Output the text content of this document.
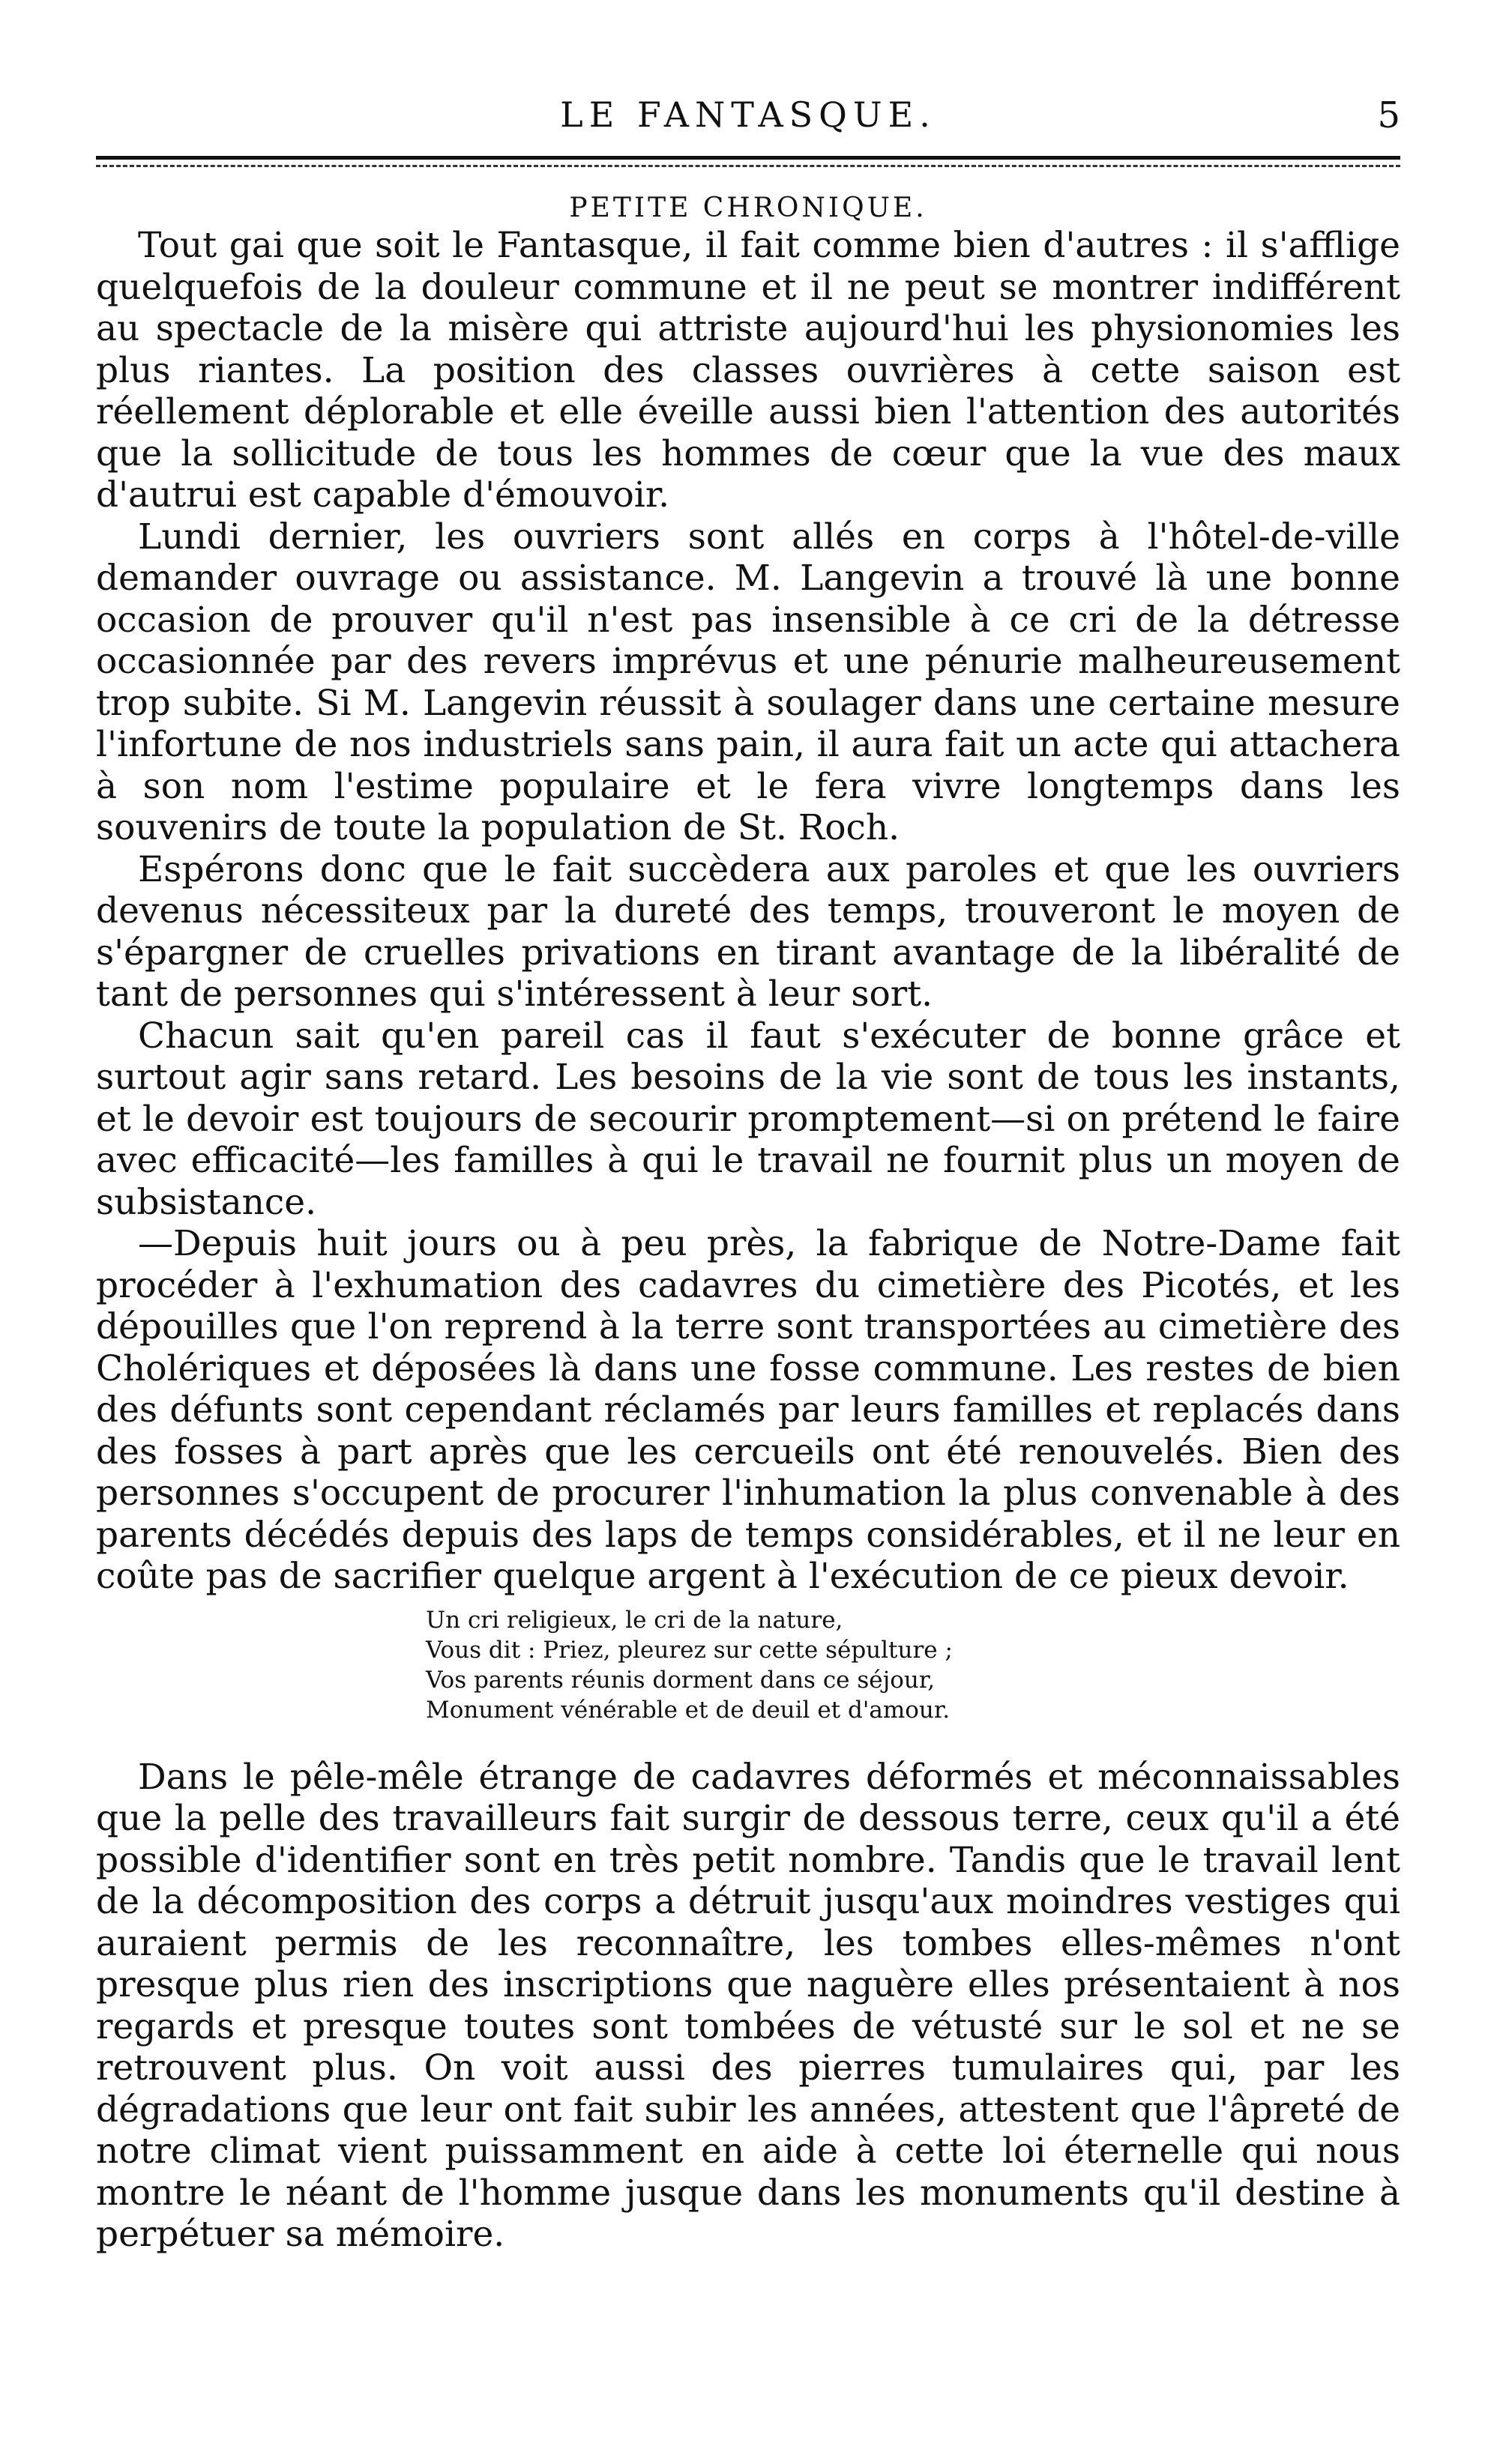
LE FANTASQUE.	5
PETITE CHRONIQUE.

Tout gai que soit le Fantasque, il fait comme bien d'autres : il s'afflige quelquefois de la douleur commune et il ne peut se montrer indifférent au spectacle de la misère qui attriste aujourd'hui les physionomies les plus riantes. La position des classes ouvrières à cette saison est réellement déplorable et elle éveille aussi bien l'attention des autorités que la sollicitude de tous les hommes de cœur que la vue des maux d'autrui est capable d'émouvoir.

Lundi dernier, les ouvriers sont allés en corps à l'hôtel-de-ville demander ouvrage ou assistance. M. Langevin a trouvé là une bonne occasion de prouver qu'il n'est pas insensible à ce cri de la détresse occasionnée par des revers imprévus et une pénurie malheureusement trop subite. Si M. Langevin réussit à soulager dans une certaine mesure l'infortune de nos industriels sans pain, il aura fait un acte qui attachera à son nom l'estime populaire et le fera vivre longtemps dans les souvenirs de toute la population de St. Roch.

Espérons donc que le fait succèdera aux paroles et que les ouvriers devenus nécessiteux par la dureté des temps, trouveront le moyen de s'épargner de cruelles privations en tirant avantage de la libéralité de tant de personnes qui s'intéressent à leur sort.

Chacun sait qu'en pareil cas il faut s'exécuter de bonne grâce et surtout agir sans retard. Les besoins de la vie sont de tous les instants, et le devoir est toujours de secourir promptement—si on prétend le faire avec efficacité—les familles à qui le travail ne fournit plus un moyen de subsistance.

—Depuis huit jours ou à peu près, la fabrique de Notre-Dame fait procéder à l'exhumation des cadavres du cimetière des Picotés, et les dépouilles que l'on reprend à la terre sont transportées au cimetière des Cholériques et déposées là dans une fosse commune. Les restes de bien des défunts sont cependant réclamés par leurs familles et replacés dans des fosses à part après que les cercueils ont été renouvelés. Bien des personnes s'occupent de procurer l'inhumation la plus convenable à des parents décédés depuis des laps de temps considérables, et il ne leur en coûte pas de sacrifier quelque argent à l'exécution de ce pieux devoir.

Un cri religieux, le cri de la nature,
Vous dit : Priez, pleurez sur cette sépulture ;
Vos parents réunis dorment dans ce séjour,
Monument vénérable et de deuil et d'amour.

Dans le pêle-mêle étrange de cadavres déformés et méconnaissables que la pelle des travailleurs fait surgir de dessous terre, ceux qu'il a été possible d'identifier sont en très petit nombre. Tandis que le travail lent de la décomposition des corps a détruit jusqu'aux moindres vestiges qui auraient permis de les reconnaître, les tombes elles-mêmes n'ont presque plus rien des inscriptions que naguère elles présentaient à nos regards et presque toutes sont tombées de vétusté sur le sol et ne se retrouvent plus. On voit aussi des pierres tumulaires qui, par les dégradations que leur ont fait subir les années, attestent que l'âpreté de notre climat vient puissamment en aide à cette loi éternelle qui nous montre le néant de l'homme jusque dans les monuments qu'il destine à perpétuer sa mémoire.
